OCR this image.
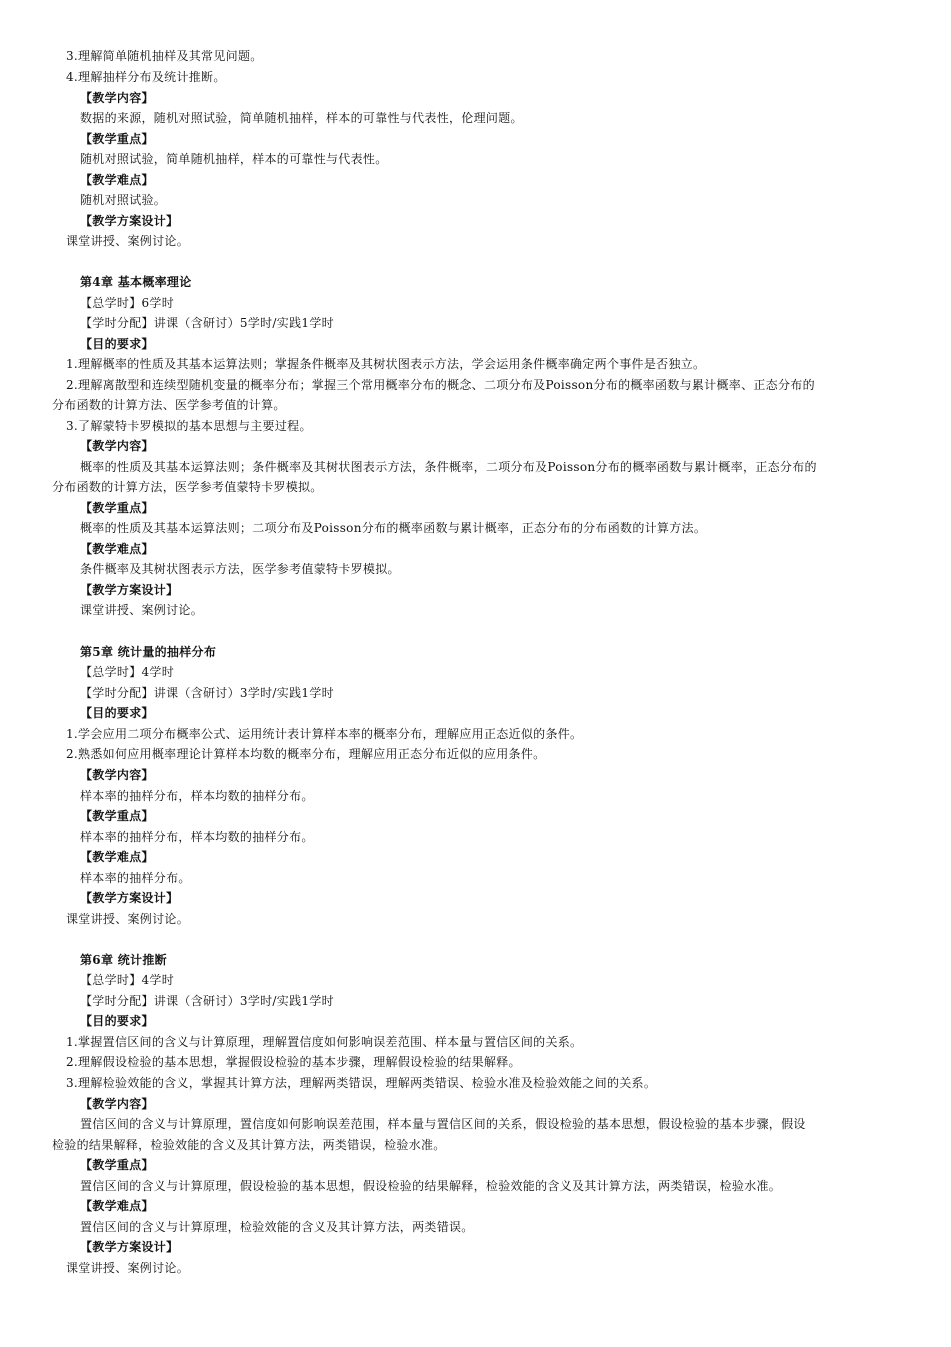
3.理解简单随机抽样及其常见问题。
4.理解抽样分布及统计推断。
【教学内容】
数据的来源，随机对照试验，简单随机抽样，样本的可靠性与代表性，伦理问题。
【教学重点】
随机对照试验，简单随机抽样，样本的可靠性与代表性。
【教学难点】
随机对照试验。
【教学方案设计】
课堂讲授、案例讨论。
第4章 基本概率理论
【总学时】6学时
【学时分配】讲课（含研讨）5学时/实践1学时
【目的要求】
1.理解概率的性质及其基本运算法则；掌握条件概率及其树状图表示方法，学会运用条件概率确定两个事件是否独立。
2.理解离散型和连续型随机变量的概率分布；掌握三个常用概率分布的概念、二项分布及Poisson分布的概率函数与累计概率、正态分布的
分布函数的计算方法、医学参考值的计算。
3.了解蒙特卡罗模拟的基本思想与主要过程。
【教学内容】
概率的性质及其基本运算法则；条件概率及其树状图表示方法，条件概率，二项分布及Poisson分布的概率函数与累计概率，正态分布的
分布函数的计算方法，医学参考值蒙特卡罗模拟。
【教学重点】
概率的性质及其基本运算法则；二项分布及Poisson分布的概率函数与累计概率，正态分布的分布函数的计算方法。
【教学难点】
条件概率及其树状图表示方法，医学参考值蒙特卡罗模拟。
【教学方案设计】
课堂讲授、案例讨论。
第5章 统计量的抽样分布
【总学时】4学时
【学时分配】讲课（含研讨）3学时/实践1学时
【目的要求】
1.学会应用二项分布概率公式、运用统计表计算样本率的概率分布，理解应用正态近似的条件。
2.熟悉如何应用概率理论计算样本均数的概率分布，理解应用正态分布近似的应用条件。
【教学内容】
样本率的抽样分布，样本均数的抽样分布。
【教学重点】
样本率的抽样分布，样本均数的抽样分布。
【教学难点】
样本率的抽样分布。
【教学方案设计】
课堂讲授、案例讨论。
第6章 统计推断
【总学时】4学时
【学时分配】讲课（含研讨）3学时/实践1学时
【目的要求】
1.掌握置信区间的含义与计算原理，理解置信度如何影响误差范围、样本量与置信区间的关系。
2.理解假设检验的基本思想，掌握假设检验的基本步骤，理解假设检验的结果解释。
3.理解检验效能的含义，掌握其计算方法，理解两类错误，理解两类错误、检验水准及检验效能之间的关系。
【教学内容】
置信区间的含义与计算原理，置信度如何影响误差范围，样本量与置信区间的关系，假设检验的基本思想，假设检验的基本步骤，假设
检验的结果解释，检验效能的含义及其计算方法，两类错误，检验水准。
【教学重点】
置信区间的含义与计算原理，假设检验的基本思想，假设检验的结果解释，检验效能的含义及其计算方法，两类错误，检验水准。
【教学难点】
置信区间的含义与计算原理，检验效能的含义及其计算方法，两类错误。
【教学方案设计】
课堂讲授、案例讨论。
